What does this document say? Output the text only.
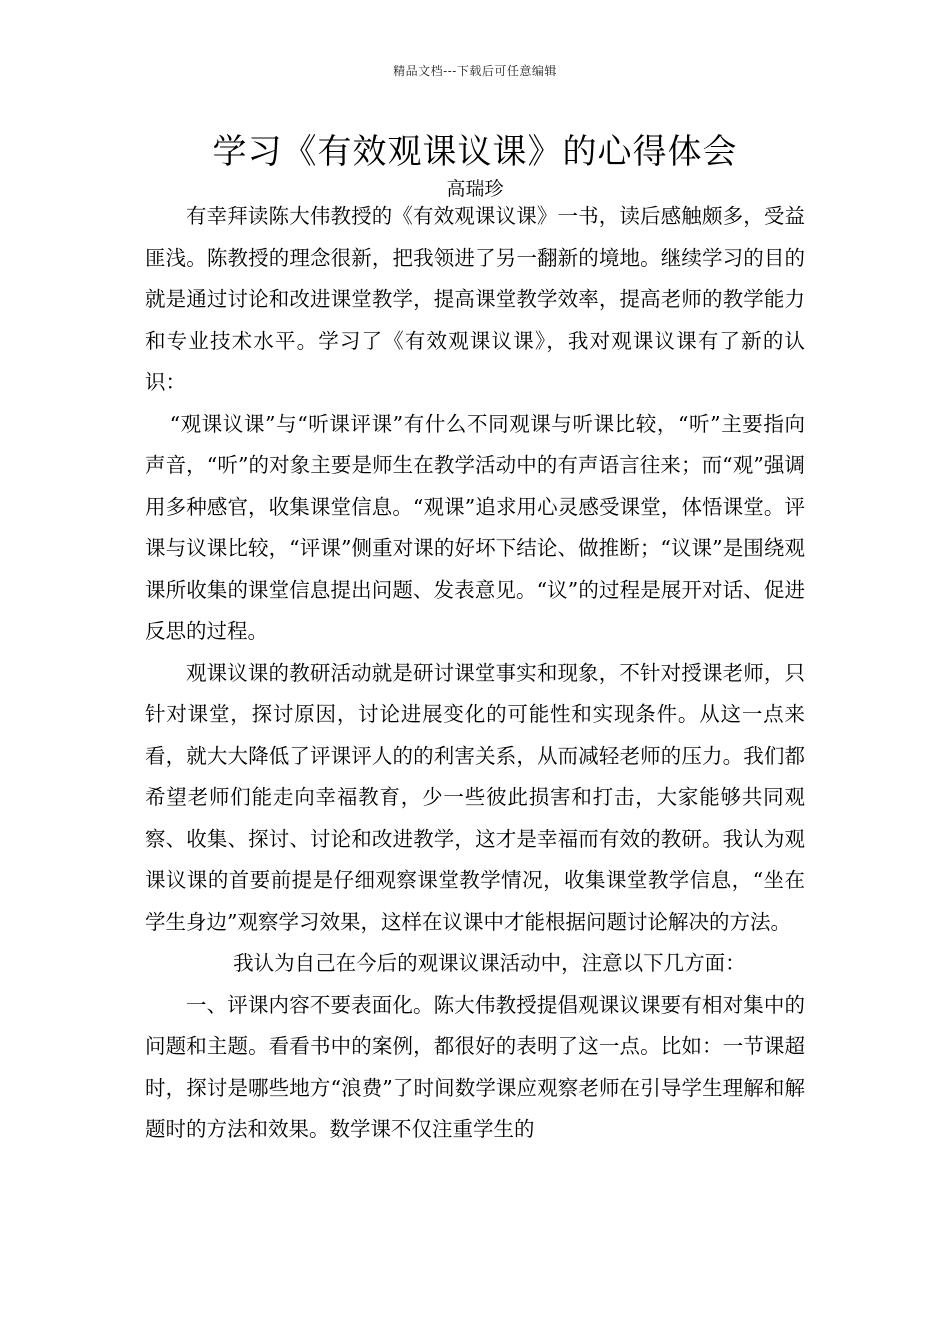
精品文档---下载后可任意编辑
学习《有效观课议课》的心得体会
高瑞珍

有幸拜读陈大伟教授的《有效观课议课》一书，读后感触颇多，受益匪浅。陈教授的理念很新，把我领进了另一翻新的境地。继续学习的目的就是通过讨论和改进课堂教学，提高课堂教学效率，提高老师的教学能力和专业技术水平。学习了《有效观课议课》，我对观课议课有了新的认识：

“观课议课”与“听课评课”有什么不同观课与听课比较，“听”主要指向声音，“听”的对象主要是师生在教学活动中的有声语言往来；而“观”强调用多种感官，收集课堂信息。“观课”追求用心灵感受课堂，体悟课堂。评课与议课比较，“评课”侧重对课的好坏下结论、做推断；“议课”是围绕观课所收集的课堂信息提出问题、发表意见。“议”的过程是展开对话、促进反思的过程。

观课议课的教研活动就是研讨课堂事实和现象，不针对授课老师，只针对课堂，探讨原因，讨论进展变化的可能性和实现条件。从这一点来看，就大大降低了评课评人的的利害关系，从而减轻老师的压力。我们都希望老师们能走向幸福教育，少一些彼此损害和打击，大家能够共同观察、收集、探讨、讨论和改进教学，这才是幸福而有效的教研。我认为观课议课的首要前提是仔细观察课堂教学情况，收集课堂教学信息，“坐在学生身边”观察学习效果，这样在议课中才能根据问题讨论解决的方法。

我认为自己在今后的观课议课活动中，注意以下几方面：

一、评课内容不要表面化。陈大伟教授提倡观课议课要有相对集中的问题和主题。看看书中的案例，都很好的表明了这一点。比如：一节课超时，探讨是哪些地方“浪费”了时间数学课应观察老师在引导学生理解和解题时的方法和效果。数学课不仅注重学生的
